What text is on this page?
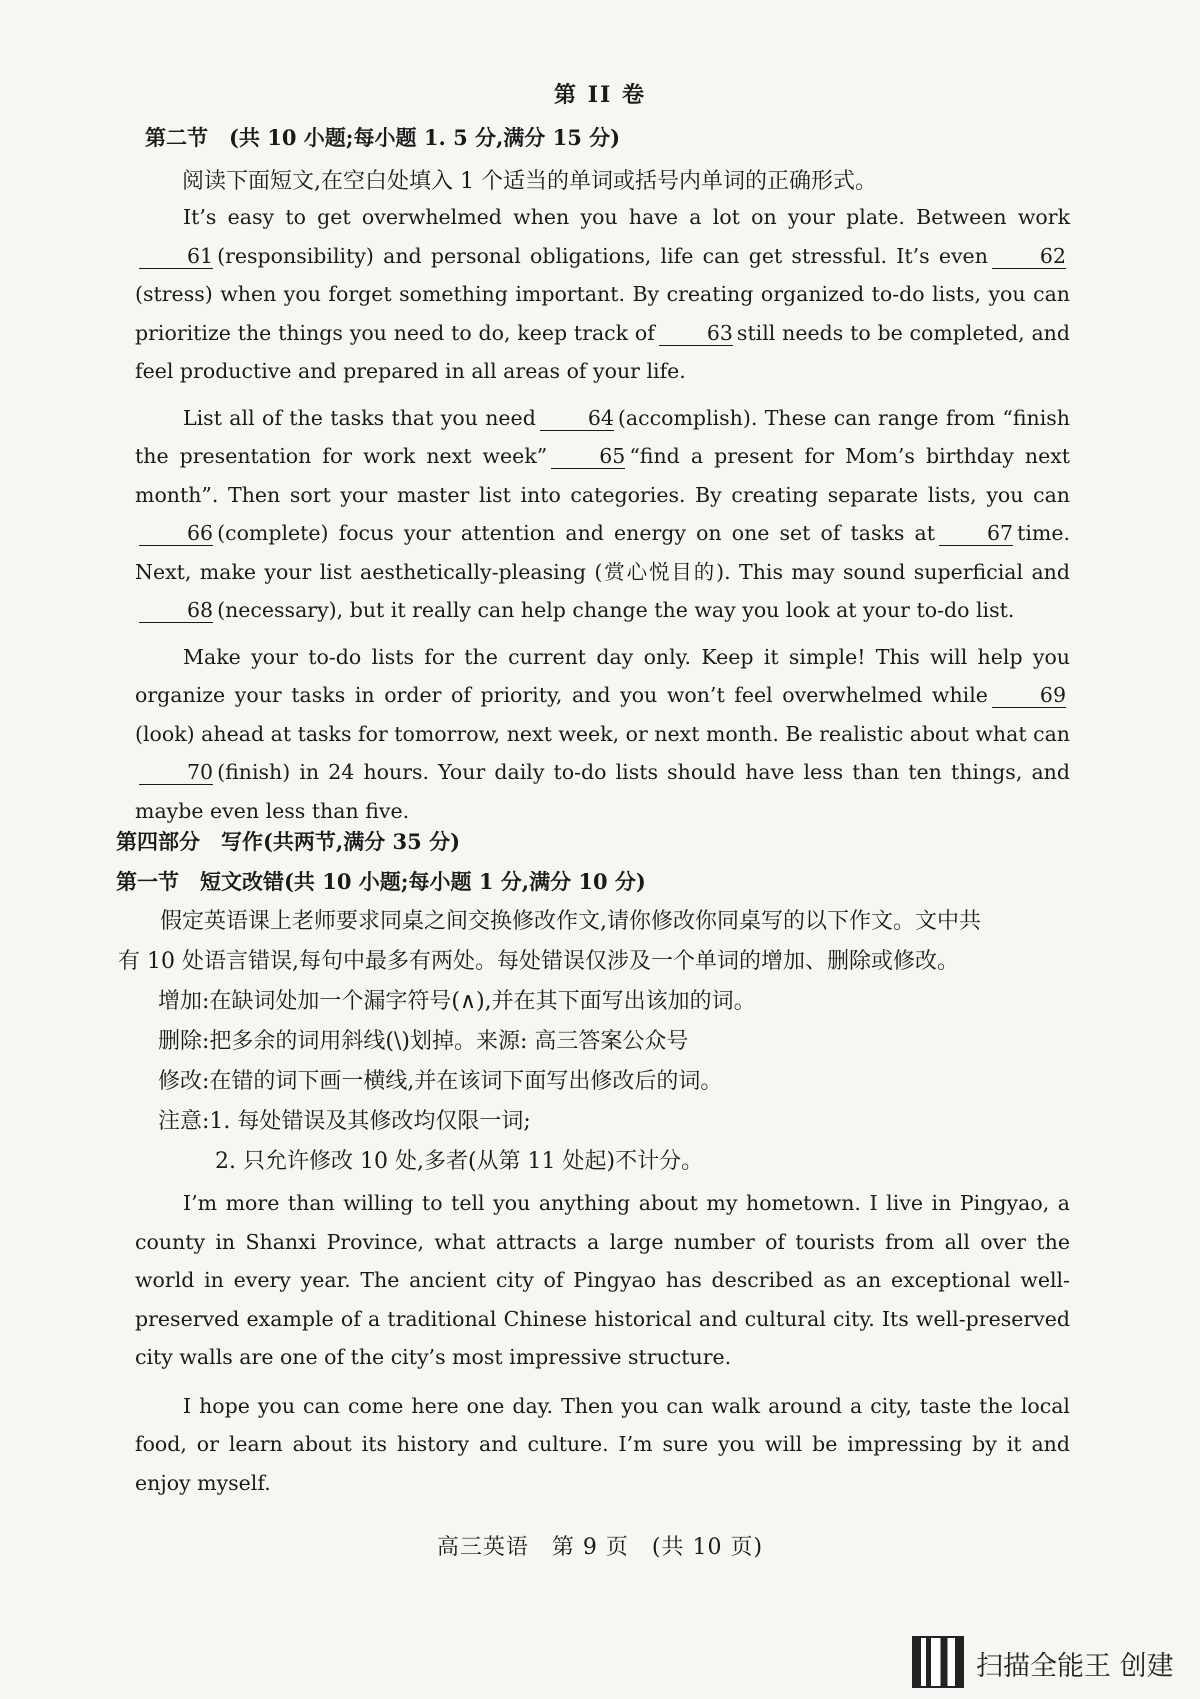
第 II 卷
第二节　(共 10 小题;每小题 1. 5 分,满分 15 分)
阅读下面短文,在空白处填入 1 个适当的单词或括号内单词的正确形式。

It’s easy to get overwhelmed when you have a lot on your plate. Between work61 (responsibility) and personal obligations, life can get stressful. It’s even	62(stress) when you forget something important. By creating organized to-do lists, you can prioritize the things you need to do, keep track of	63 still needs to be completed, and feel productive and prepared in all areas of your life.

List all of the tasks that you need	64 (accomplish). These can range from “finish the presentation for work next week”	65 “find a present for Mom’s birthday next month”. Then sort your master list into categories. By creating separate lists, you can66 (complete) focus your attention and energy on one set of tasks at	67 time. Next, make your list aesthetically-pleasing (赏心悦目的). This may sound superficial and68 (necessary), but it really can help change the way you look at your to-do list.

Make your to-do lists for the current day only. Keep it simple! This will help you organize your tasks in order of priority, and you won’t feel overwhelmed while	69(look) ahead at tasks for tomorrow, next week, or next month. Be realistic about what can70 (finish) in 24 hours. Your daily to-do lists should have less than ten things, and maybe even less than five.

第四部分　写作(共两节,满分 35 分)
第一节　短文改错(共 10 小题;每小题 1 分,满分 10 分)
假定英语课上老师要求同桌之间交换修改作文,请你修改你同桌写的以下作文。文中共
有 10 处语言错误,每句中最多有两处。每处错误仅涉及一个单词的增加、删除或修改。
增加:在缺词处加一个漏字符号(∧),并在其下面写出该加的词。
删除:把多余的词用斜线(\)划掉。来源: 高三答案公众号
修改:在错的词下画一横线,并在该词下面写出修改后的词。
注意:1. 每处错误及其修改均仅限一词;
2. 只允许修改 10 处,多者(从第 11 处起)不计分。

I’m more than willing to tell you anything about my hometown. I live in Pingyao, a county in Shanxi Province, what attracts a large number of tourists from all over the world in every year. The ancient city of Pingyao has described as an exceptional well-preserved example of a traditional Chinese historical and cultural city. Its well-preserved city walls are one of the city’s most impressive structure.

I hope you can come here one day. Then you can walk around a city, taste the local food, or learn about its history and culture. I’m sure you will be impressing by it and enjoy myself.

高三英语　第 9 页　(共 10 页)
扫描全能王 创建
